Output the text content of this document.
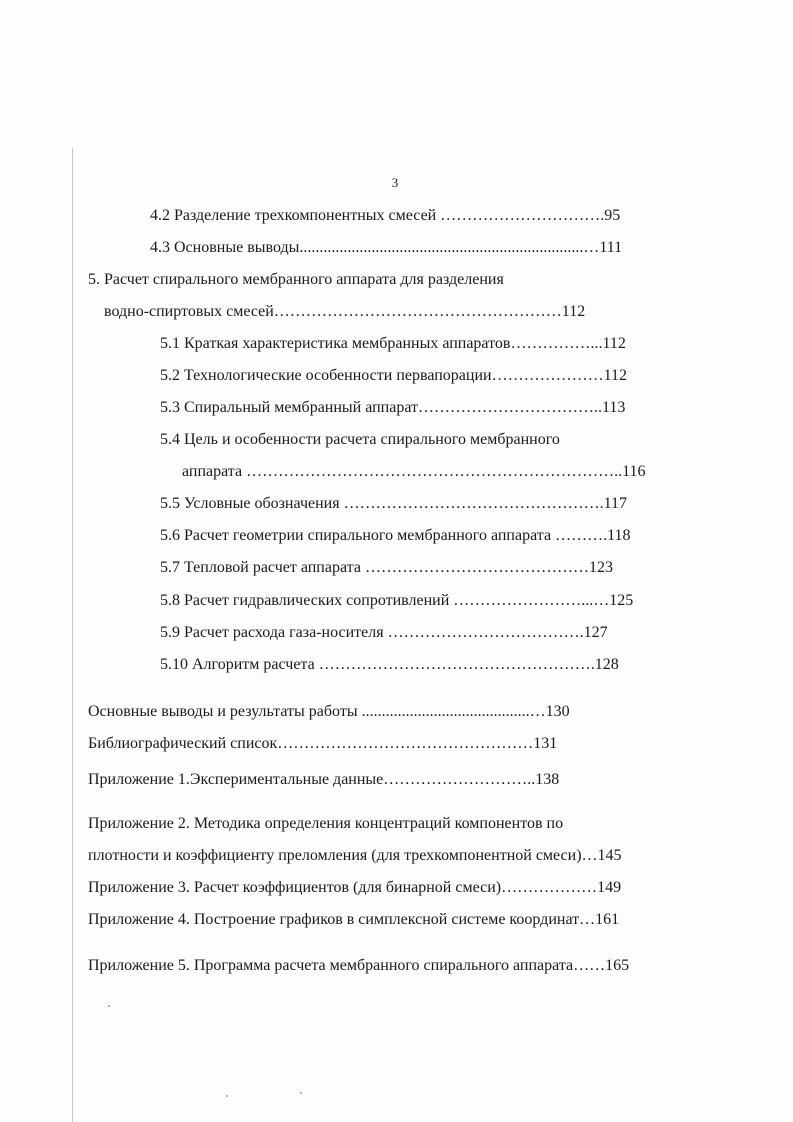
3
4.2 Разделение трехкомпонентных смесей ………………………….95
4.3 Основные выводы.......................................................................…111
5. Расчет спирального мембранного аппарата для разделения
водно-спиртовых смесей………………………………………………112
5.1 Краткая характеристика мембранных аппаратов……………...112
5.2 Технологические особенности первапорации…………………112
5.3 Спиральный мембранный аппарат……………………………..113
5.4 Цель и особенности расчета спирального мембранного
аппарата ……………………………………………………………..116
5.5 Условные обозначения ………………………………………….117
5.6 Расчет геометрии спирального мембранного аппарата ……….118
5.7 Тепловой расчет аппарата ……………………………………123
5.8 Расчет гидравлических сопротивлений ……………………...…125
5.9 Расчет расхода газа-носителя ……………………………….127
5.10 Алгоритм расчета …………………………………………….128
Основные выводы и результаты работы ..........................................…130
Библиографический список…………………………………………131
Приложение 1.Экспериментальные данные………………………..138
Приложение 2. Методика определения концентраций компонентов по
плотности и коэффициенту преломления (для трехкомпонентной смеси)…145
Приложение 3. Расчет коэффициентов (для бинарной смеси)………………149
Приложение 4. Построение графиков в симплексной системе координат…161
Приложение 5. Программа расчета мембранного спирального аппарата……165
